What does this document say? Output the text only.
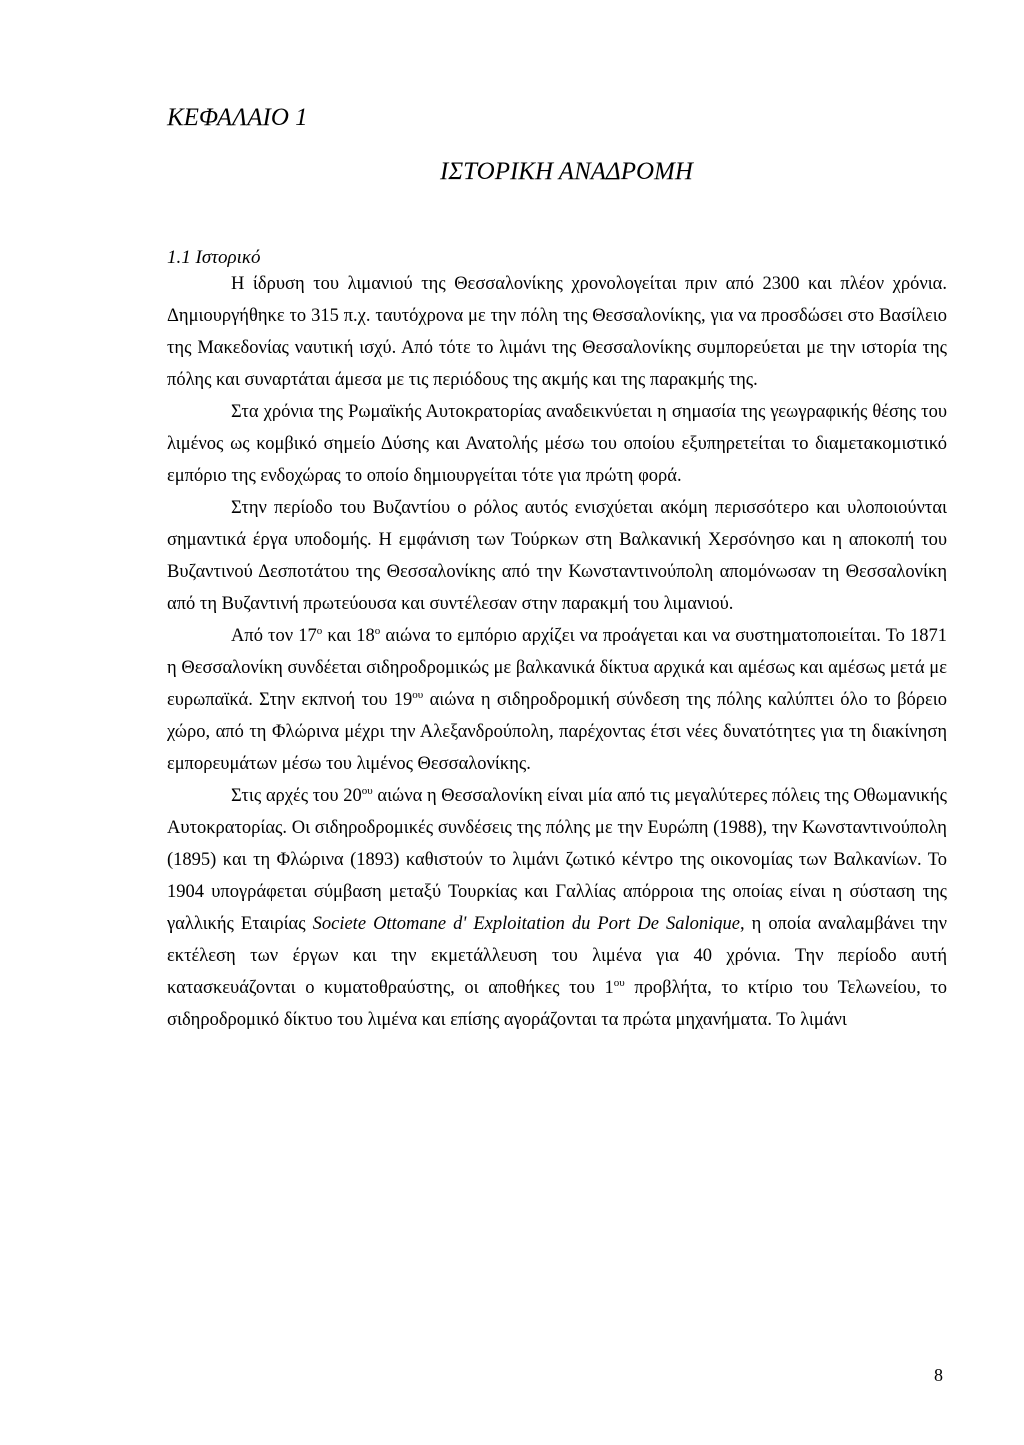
ΚΕΦΑΛΑΙΟ 1
ΙΣΤΟΡΙΚΗ ΑΝΑΔΡΟΜΗ
1.1 Ιστορικό

Η ίδρυση του λιμανιού της Θεσσαλονίκης χρονολογείται πριν από 2300 και πλέον χρόνια. Δημιουργήθηκε το 315 π.χ. ταυτόχρονα με την πόλη της Θεσσαλονίκης, για να προσδώσει στο Βασίλειο της Μακεδονίας ναυτική ισχύ. Από τότε το λιμάνι της Θεσσαλονίκης συμπορεύεται με την ιστορία της πόλης και συναρτάται άμεσα με τις περιόδους της ακμής και της παρακμής της.

Στα χρόνια της Ρωμαϊκής Αυτοκρατορίας αναδεικνύεται η σημασία της γεωγραφικής θέσης του λιμένος ως κομβικό σημείο Δύσης και Ανατολής μέσω του οποίου εξυπηρετείται το διαμετακομιστικό εμπόριο της ενδοχώρας το οποίο δημιουργείται τότε για πρώτη φορά.

Στην περίοδο του Βυζαντίου ο ρόλος αυτός ενισχύεται ακόμη περισσότερο και υλοποιούνται σημαντικά έργα υποδομής. Η εμφάνιση των Τούρκων στη Βαλκανική Χερσόνησο και η αποκοπή του Βυζαντινού Δεσποτάτου της Θεσσαλονίκης από την Κωνσταντινούπολη απομόνωσαν τη Θεσσαλονίκη από τη Βυζαντινή πρωτεύουσα και συντέλεσαν στην παρακμή του λιμανιού.

Από τον $17^o$ και $18^o$ αιώνα το εμπόριο αρχίζει να προάγεται και να συστηματοποιείται. Το 1871 η Θεσσαλονίκη συνδέεται σιδηροδρομικώς με βαλκανικά δίκτυα αρχικά και αμέσως και αμέσως μετά με ευρωπαϊκά. Στην εκπνοή του $19^{o\upsilon}$ αιώνα η σιδηροδρομική σύνδεση της πόλης καλύπτει όλο το βόρειο χώρο, από τη Φλώρινα μέχρι την Αλεξανδρούπολη, παρέχοντας έτσι νέες δυνατότητες για τη διακίνηση εμπορευμάτων μέσω του λιμένος Θεσσαλονίκης.

Στις αρχές του $20^{o\upsilon}$ αιώνα η Θεσσαλονίκη είναι μία από τις μεγαλύτερες πόλεις της Οθωμανικής Αυτοκρατορίας. Οι σιδηροδρομικές συνδέσεις της πόλης με την Ευρώπη (1988), την Κωνσταντινούπολη (1895) και τη Φλώρινα (1893) καθιστούν το λιμάνι ζωτικό κέντρο της οικονομίας των Βαλκανίων. Το 1904 υπογράφεται σύμβαση μεταξύ Τουρκίας και Γαλλίας απόρροια της οποίας είναι η σύσταση της γαλλικής Εταιρίας Societe Ottomane d' Exploitation du Port De Salonique, η οποία αναλαμβάνει την εκτέλεση των έργων και την εκμετάλλευση του λιμένα για 40 χρόνια. Την περίοδο αυτή κατασκευάζονται ο κυματοθραύστης, οι αποθήκες του $1^{o\upsilon}$ προβλήτα, το κτίριο του Τελωνείου, το σιδηροδρομικό δίκτυο του λιμένα και επίσης αγοράζονται τα πρώτα μηχανήματα. Το λιμάνι

8
